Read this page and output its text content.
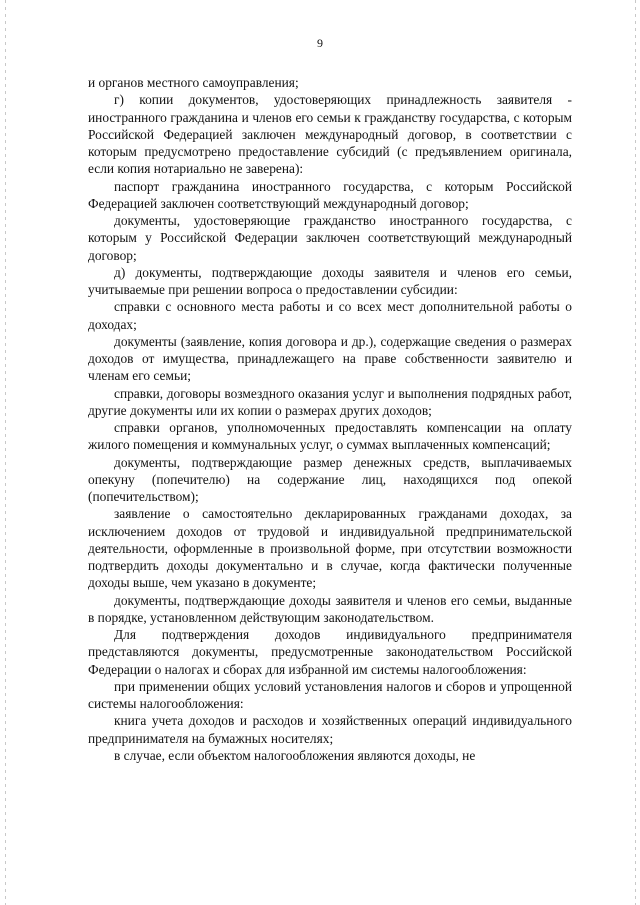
9

и органов местного самоуправления;

г) копии документов, удостоверяющих принадлежность заявителя - иностранного гражданина и членов его семьи к гражданству государства, с которым Российской Федерацией заключен международный договор, в соответствии с которым предусмотрено предоставление субсидий (с предъявлением оригинала, если копия нотариально не заверена):

паспорт гражданина иностранного государства, с которым Российской Федерацией заключен соответствующий международный договор;

документы, удостоверяющие гражданство иностранного государства, с которым у Российской Федерации заключен соответствующий международный договор;

д) документы, подтверждающие доходы заявителя и членов его семьи, учитываемые при решении вопроса о предоставлении субсидии:

справки с основного места работы и со всех мест дополнительной работы о доходах;

документы (заявление, копия договора и др.), содержащие сведения о размерах доходов от имущества, принадлежащего на праве собственности заявителю и членам его семьи;

справки, договоры возмездного оказания услуг и выполнения подрядных работ, другие документы или их копии о размерах других доходов;

справки органов, уполномоченных предоставлять компенсации на оплату жилого помещения и коммунальных услуг, о суммах выплаченных компенсаций;

документы, подтверждающие размер денежных средств, выплачиваемых опекуну (попечителю) на содержание лиц, находящихся под опекой (попечительством);

заявление о самостоятельно декларированных гражданами доходах, за исключением доходов от трудовой и индивидуальной предпринимательской деятельности, оформленные в произвольной форме, при отсутствии возможности подтвердить доходы документально и в случае, когда фактически полученные доходы выше, чем указано в документе;

документы, подтверждающие доходы заявителя и членов его семьи, выданные в порядке, установленном действующим законодательством.

Для подтверждения доходов индивидуального предпринимателя представляются документы, предусмотренные законодательством Российской Федерации о налогах и сборах для избранной им системы налогообложения:

при применении общих условий установления налогов и сборов и упрощенной системы налогообложения:

книга учета доходов и расходов и хозяйственных операций индивидуального предпринимателя на бумажных носителях;

в случае, если объектом налогообложения являются доходы, не
